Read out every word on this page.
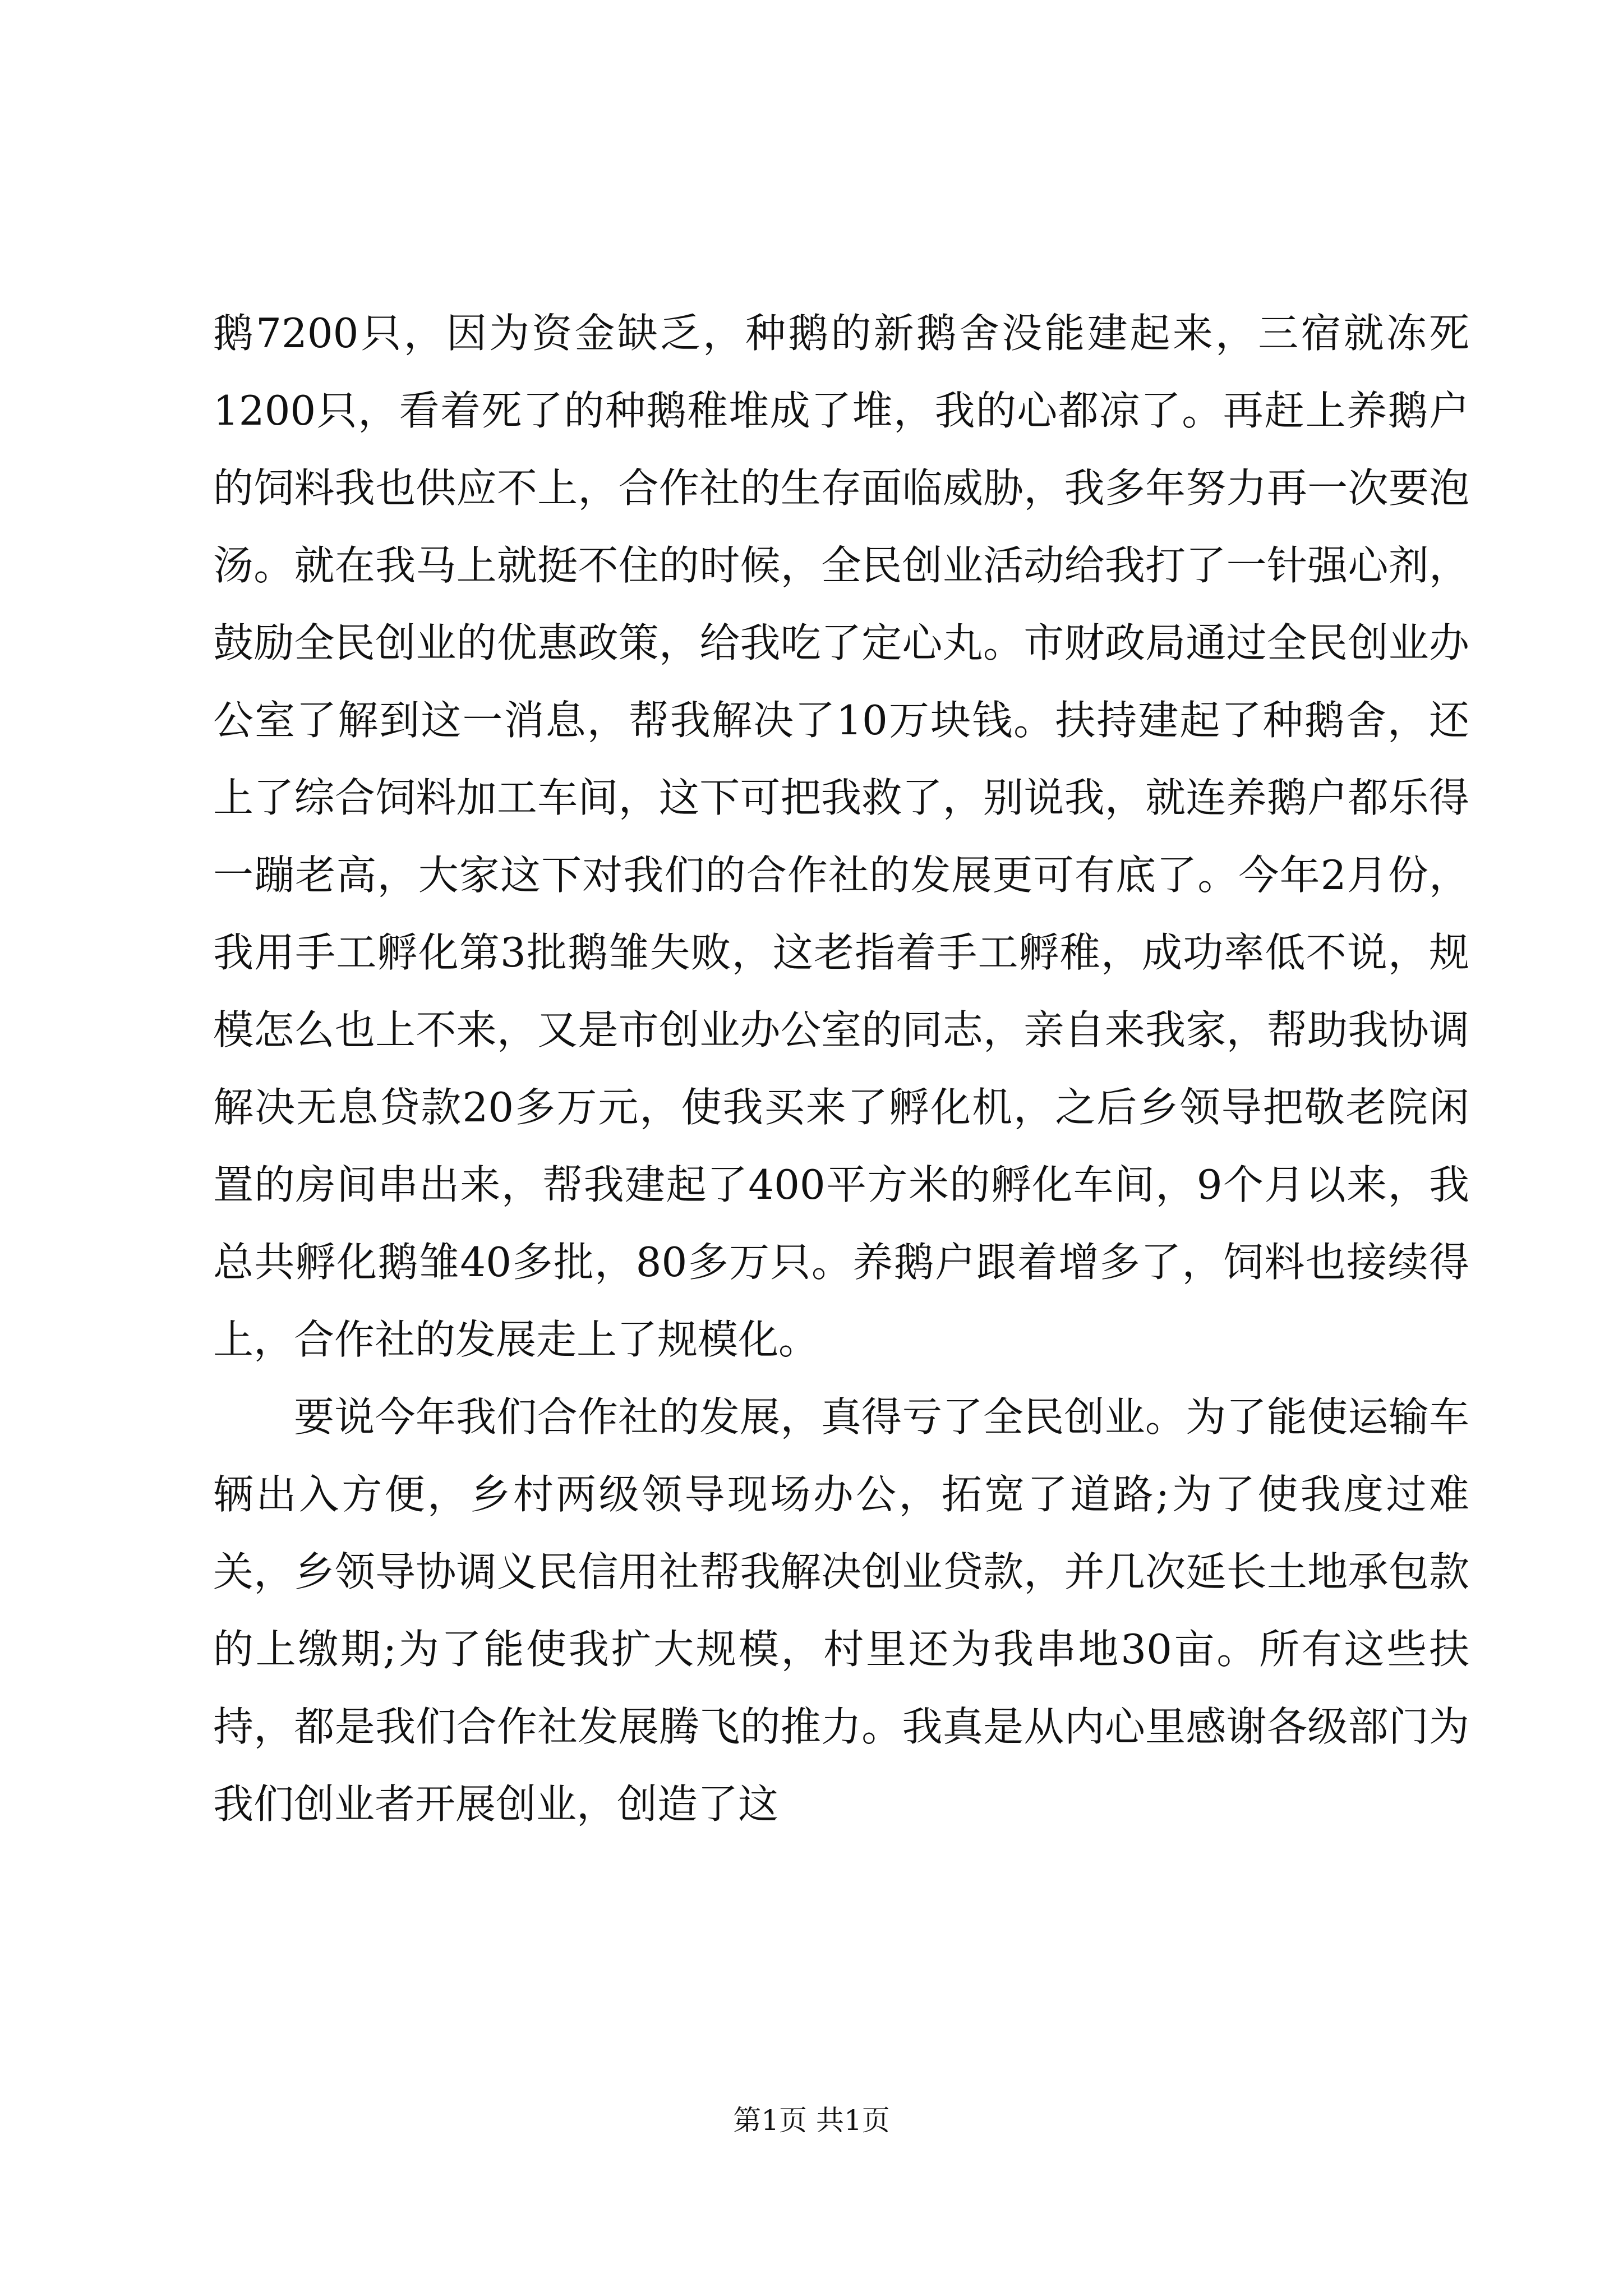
鹅7200只，因为资金缺乏，种鹅的新鹅舍没能建起来，三宿就冻死1200只，看着死了的种鹅稚堆成了堆，我的心都凉了。再赶上养鹅户的饲料我也供应不上，合作社的生存面临威胁，我多年努力再一次要泡汤。就在我马上就挺不住的时候，全民创业活动给我打了一针强心剂，鼓励全民创业的优惠政策，给我吃了定心丸。市财政局通过全民创业办公室了解到这一消息，帮我解决了10万块钱。扶持建起了种鹅舍，还上了综合饲料加工车间，这下可把我救了，别说我，就连养鹅户都乐得一蹦老高，大家这下对我们的合作社的发展更可有底了。今年2月份，我用手工孵化第3批鹅雏失败，这老指着手工孵稚，成功率低不说，规模怎么也上不来，又是市创业办公室的同志，亲自来我家，帮助我协调解决无息贷款20多万元，使我买来了孵化机，之后乡领导把敬老院闲置的房间串出来，帮我建起了400平方米的孵化车间，9个月以来，我总共孵化鹅雏40多批，80多万只。养鹅户跟着增多了，饲料也接续得上，合作社的发展走上了规模化。

要说今年我们合作社的发展，真得亏了全民创业。为了能使运输车辆出入方便，乡村两级领导现场办公，拓宽了道路;为了使我度过难关，乡领导协调义民信用社帮我解决创业贷款，并几次延长土地承包款的上缴期;为了能使我扩大规模，村里还为我串地30亩。所有这些扶持，都是我们合作社发展腾飞的推力。我真是从内心里感谢各级部门为我们创业者开展创业，创造了这

第1页 共1页
